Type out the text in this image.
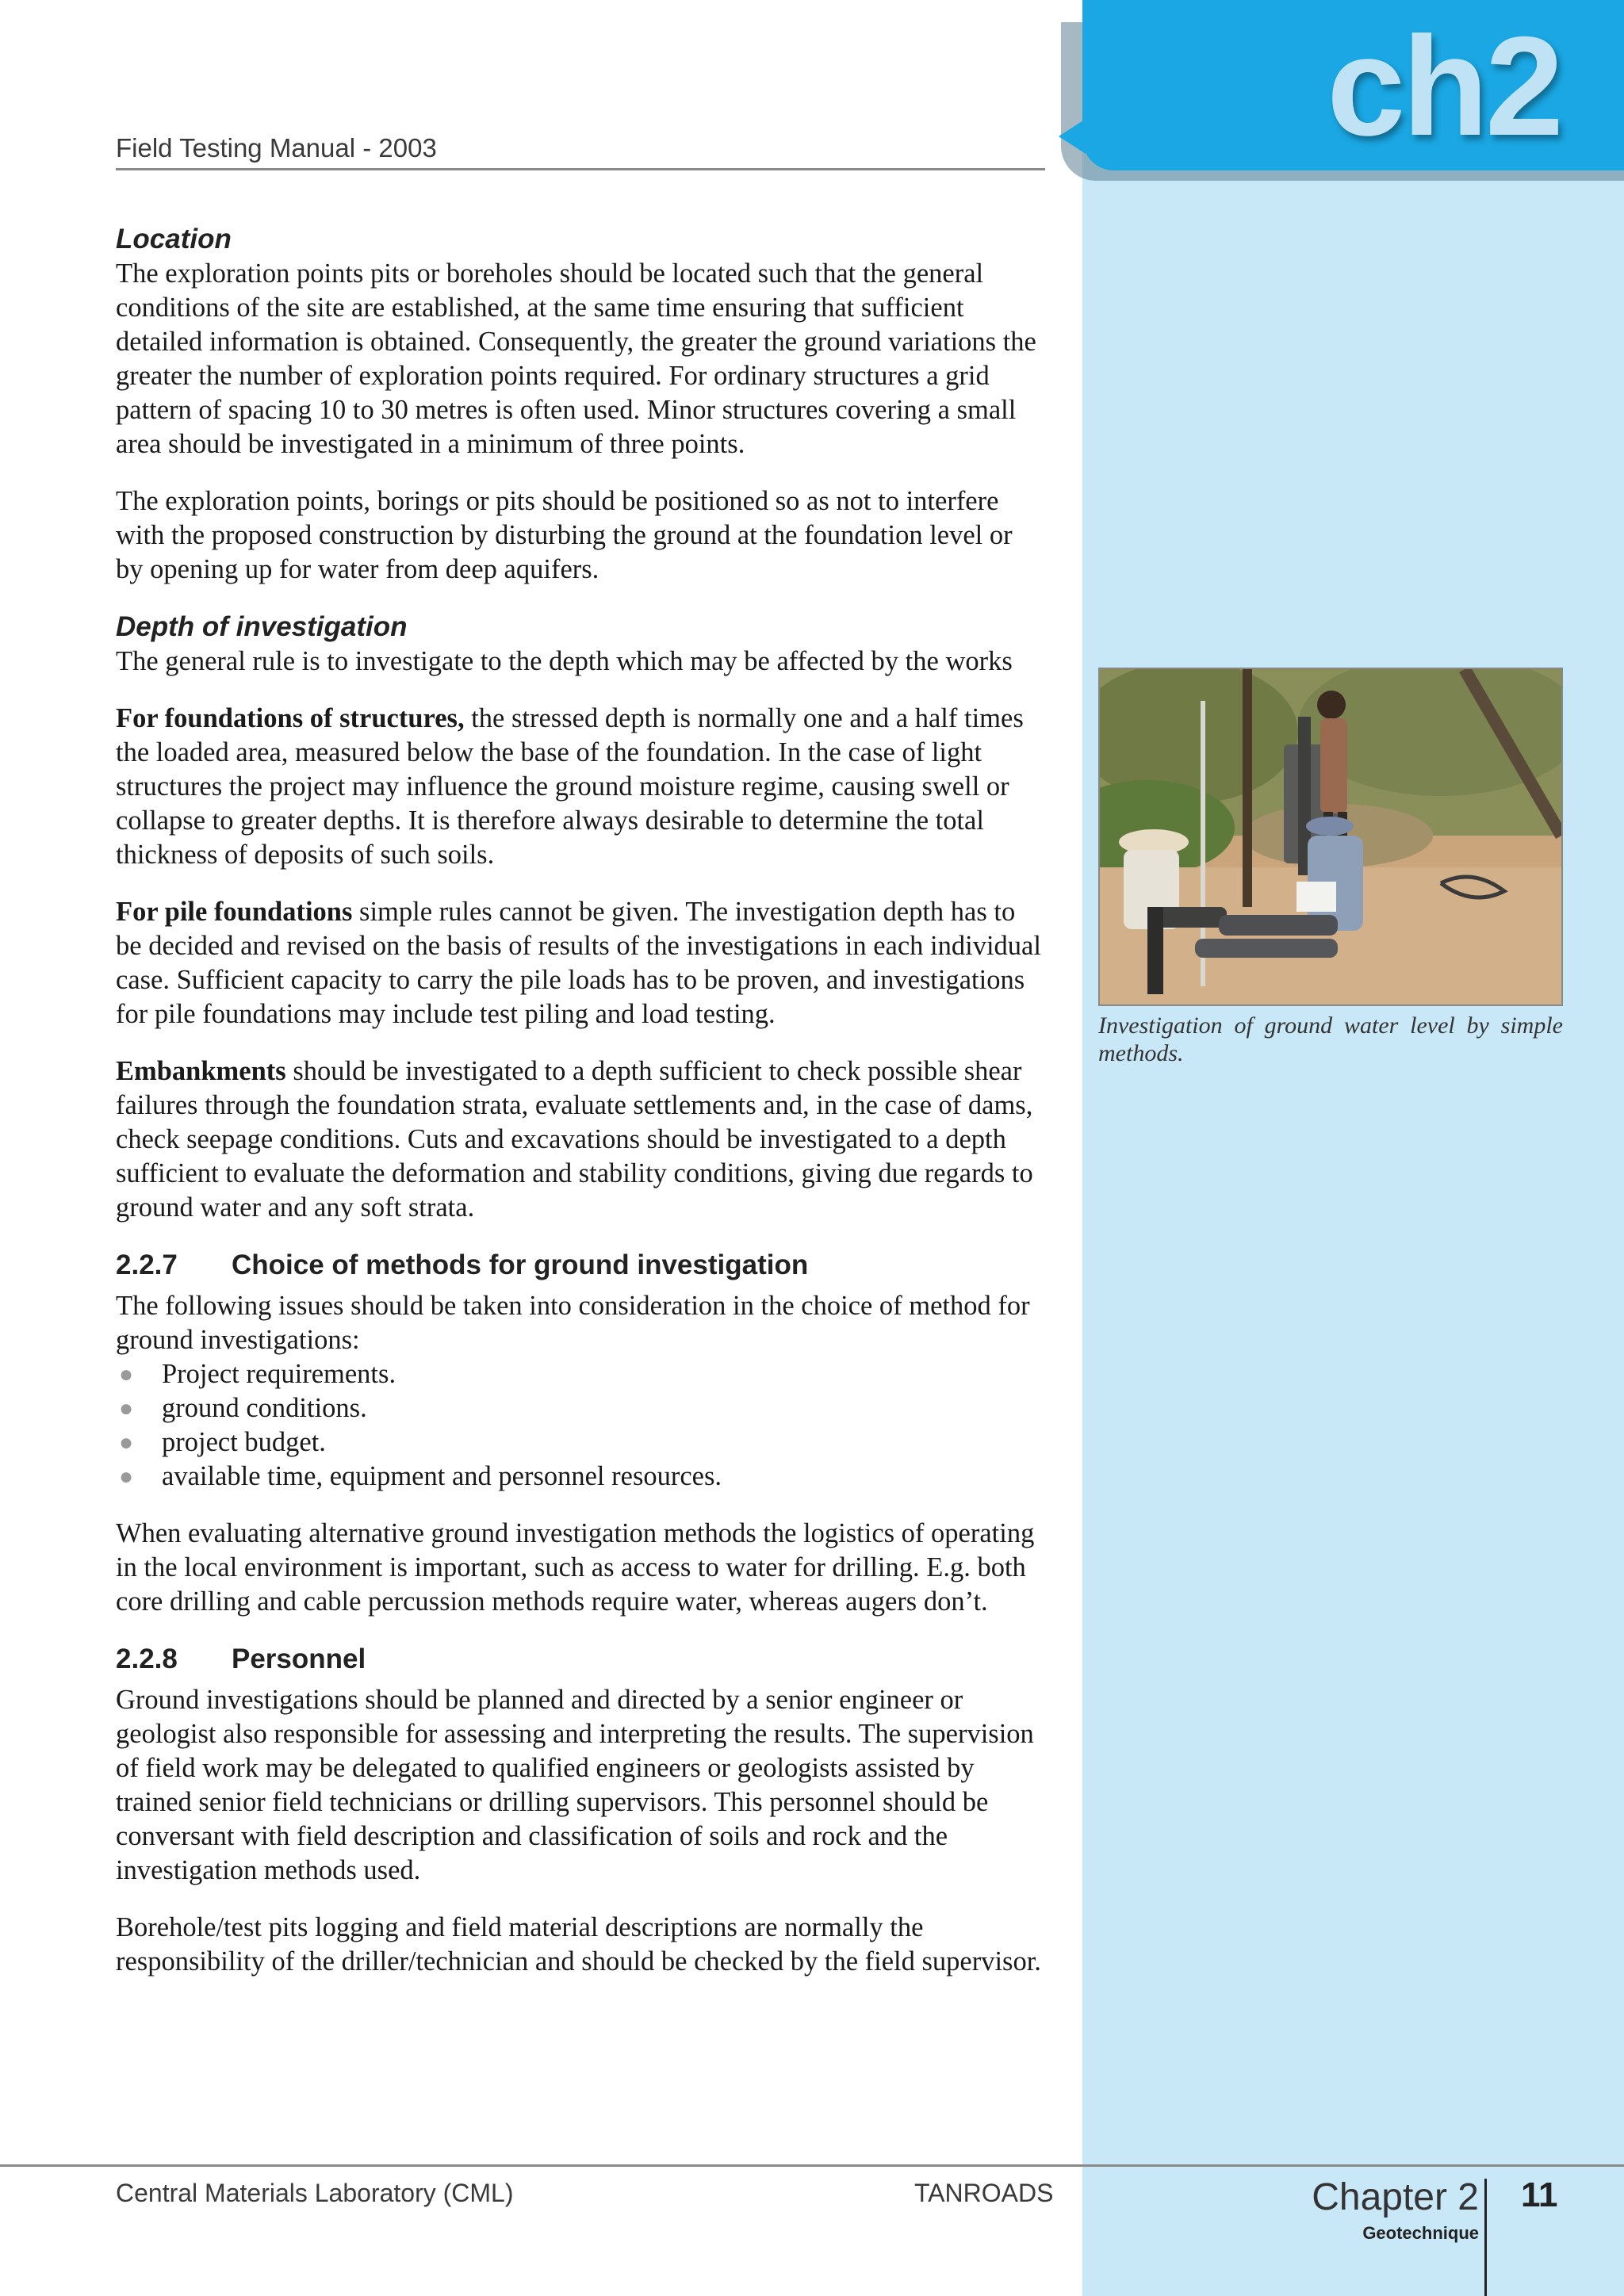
ch2
Field Testing Manual - 2003
Location

The exploration points pits or boreholes should be located such that the general conditions of the site are established, at the same time ensuring that sufficient detailed information is obtained. Consequently, the greater the ground variations the greater the number of exploration points required. For ordinary structures a grid pattern of spacing 10 to 30 metres is often used. Minor structures covering a small area should be investigated in a minimum of three points.

The exploration points, borings or pits should be positioned so as not to interfere with the proposed construction by disturbing the ground at the foundation level or by opening up for water from deep aquifers.

Depth of investigation

The general rule is to investigate to the depth which may be affected by the works

For foundations of structures, the stressed depth is normally one and a half times the loaded area, measured below the base of the foundation. In the case of light structures the project may influence the ground moisture regime, causing swell or collapse to greater depths. It is therefore always desirable to determine the total thickness of deposits of such soils.

For pile foundations simple rules cannot be given. The investigation depth has to be decided and revised on the basis of results of the investigations in each individual case. Sufficient capacity to carry the pile loads has to be proven, and investigations for pile foundations may include test piling and load testing.

Embankments should be investigated to a depth sufficient to check possible shear failures through the foundation strata, evaluate settlements and, in the case of dams, check seepage conditions. Cuts and excavations should be investigated to a depth sufficient to evaluate the deformation and stability conditions, giving due regards to ground water and any soft strata.

2.2.7 Choice of methods for ground investigation

The following issues should be taken into consideration in the choice of method for ground investigations:

● Project requirements.
● ground conditions.
● project budget.
● available time, equipment and personnel resources.

When evaluating alternative ground investigation methods the logistics of operating in the local environment is important, such as access to water for drilling. E.g. both core drilling and cable percussion methods require water, whereas augers don’t.

2.2.8 Personnel

Ground investigations should be planned and directed by a senior engineer or geologist also responsible for assessing and interpreting the results. The supervision of field work may be delegated to qualified engineers or geologists assisted by trained senior field technicians or drilling supervisors. This personnel should be conversant with field description and classification of soils and rock and the investigation methods used.

Borehole/test pits logging and field material descriptions are normally the responsibility of the driller/technician and should be checked by the field supervisor.

Investigation of ground water level by simple methods.
Central Materials Laboratory (CML)	TANROADS	Chapter 2
Geotechnique
11
